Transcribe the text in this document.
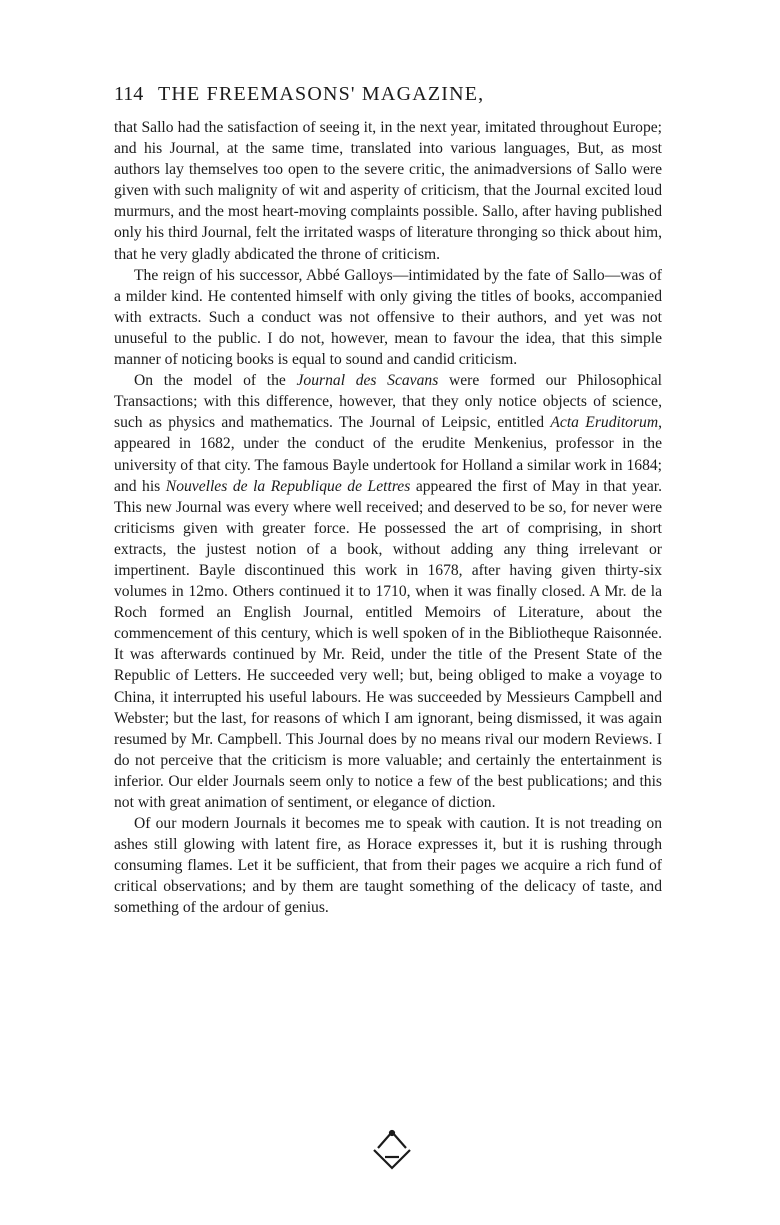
114 THE FREEMASONS' MAGAZINE,

that Sallo had the satisfaction of seeing it, in the next year, imitated throughout Europe; and his Journal, at the same time, translated into various languages, But, as most authors lay themselves too open to the severe critic, the animadversions of Sallo were given with such malignity of wit and asperity of criticism, that the Journal excited loud murmurs, and the most heart-moving complaints possible. Sallo, after having published only his third Journal, felt the irritated wasps of literature thronging so thick about him, that he very gladly abdicated the throne of criticism.

The reign of his successor, Abbé Galloys—intimidated by the fate of Sallo—was of a milder kind. He contented himself with only giving the titles of books, accompanied with extracts. Such a conduct was not offensive to their authors, and yet was not unuseful to the public. I do not, however, mean to favour the idea, that this simple manner of noticing books is equal to sound and candid criticism.

On the model of the Journal des Scavans were formed our Philosophical Transactions; with this difference, however, that they only notice objects of science, such as physics and mathematics. The Journal of Leipsic, entitled Acta Eruditorum, appeared in 1682, under the conduct of the erudite Menkenius, professor in the university of that city. The famous Bayle undertook for Holland a similar work in 1684; and his Nouvelles de la Republique de Lettres appeared the first of May in that year. This new Journal was every where well received; and deserved to be so, for never were criticisms given with greater force. He possessed the art of comprising, in short extracts, the justest notion of a book, without adding any thing irrelevant or impertinent. Bayle discontinued this work in 1678, after having given thirty-six volumes in 12mo. Others continued it to 1710, when it was finally closed. A Mr. de la Roch formed an English Journal, entitled Memoirs of Literature, about the commencement of this century, which is well spoken of in the Bibliotheque Raisonnée. It was afterwards continued by Mr. Reid, under the title of the Present State of the Republic of Letters. He succeeded very well; but, being obliged to make a voyage to China, it interrupted his useful labours. He was succeeded by Messieurs Campbell and Webster; but the last, for reasons of which I am ignorant, being dismissed, it was again resumed by Mr. Campbell. This Journal does by no means rival our modern Reviews. I do not perceive that the criticism is more valuable; and certainly the entertainment is inferior. Our elder Journals seem only to notice a few of the best publications; and this not with great animation of sentiment, or elegance of diction.

Of our modern Journals it becomes me to speak with caution. It is not treading on ashes still glowing with latent fire, as Horace expresses it, but it is rushing through consuming flames. Let it be sufficient, that from their pages we acquire a rich fund of critical observations; and by them are taught something of the delicacy of taste, and something of the ardour of genius.
